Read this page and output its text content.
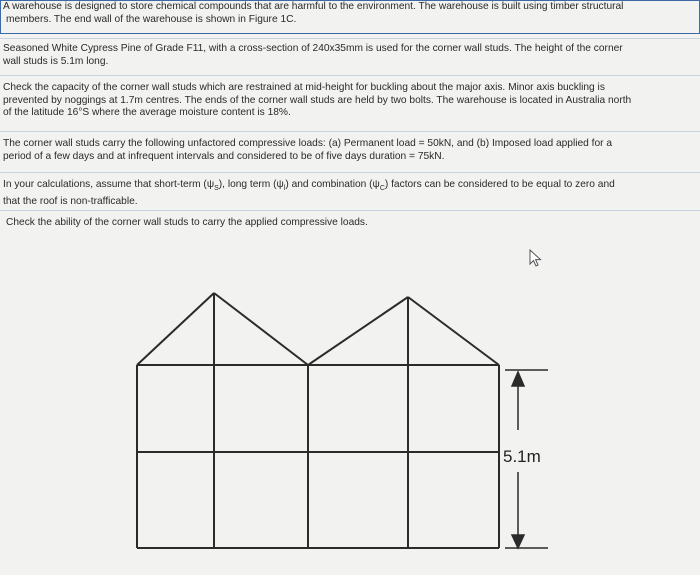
A warehouse is designed to store chemical compounds that are harmful to the environment. The warehouse is built using timber structural
members. The end wall of the warehouse is shown in Figure 1C.
Seasoned White Cypress Pine of Grade F11, with a cross-section of 240x35mm is used for the corner wall studs. The height of the corner
wall studs is 5.1m long.
Check the capacity of the corner wall studs which are restrained at mid-height for buckling about the major axis. Minor axis buckling is
prevented by noggings at 1.7m centres. The ends of the corner wall studs are held by two bolts. The warehouse is located in Australia north
of the latitude 16°S where the average moisture content is 18%.
The corner wall studs carry the following unfactored compressive loads: (a) Permanent load = 50kN, and (b) Imposed load applied for a
period of a few days and at infrequent intervals and considered to be of five days duration = 75kN.
In your calculations, assume that short-term $(\psi_S)$, long term $(\psi_l)$ and combination $(\psi_C)$ factors can be considered to be equal to zero and
that the roof is non-trafficable.
Check the ability of the corner wall studs to carry the applied compressive loads.
5.1m
